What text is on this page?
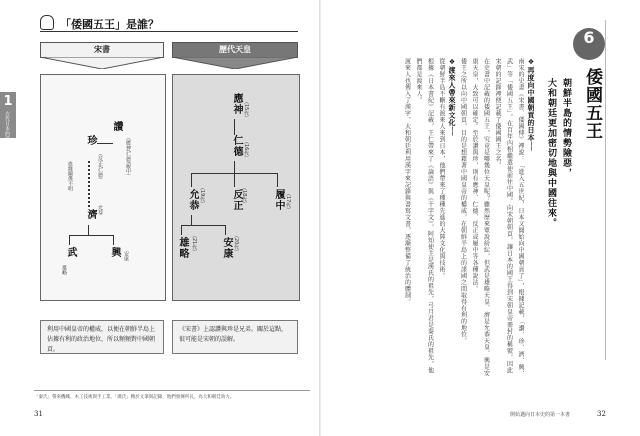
1
古代日本的誕生
「倭國五王」是誰？
宋書	歷代天皇
讚
（應神/仁德/履中）
珍
（反正/仁德）
血緣關係不明
濟 允恭
武
雄略
興 安康
應神 （15代）
仁德 （16代）
（19代）
允恭	（18代）
反正	履中 （17代）
（21代）
雄略	（20代）
安康
利用中國皇帝的權威，以便在朝鮮半島上佔據有利的政治地位，所以頻頻對中國朝貢。
《宋書》上認讚與珍是兄弟。關於這點，很可能是宋朝的誤解。
「秦氏」帶來機織、木工技術與手工業、「漢氏」精於文筆與記錄，他們發揮所長，為大和朝廷效力。
31
6
倭國五王
朝鮮半島的情勢險惡，
大和朝廷更加密切地與中國往來。
❖再度向中國朝貢的日本──
南宋的史書《宋書．倭國傳》裡說：「進入五世紀，日本又開始向中國朝貢了」，根據記載，「讚、珍、濟、興、武」等「倭國五王」，在百年內相繼遣使前往中國。向宋朝朝貢，讓日本的國王得到宋朝皇帝冊封的稱號，因此宋朝的記錄裡便記載了倭國國王之名。
在史書中記載的倭國五王，究竟是哪幾位天皇呢？雖然歷來眾說紛紜，但武是雄略天皇、濟是允恭天皇、興是安康天皇，大致可以確定。至於讚與珍，則有應神、仁德、反正或履中等各種說法。
倭王之所以向中國朝貢，目的是想藉著中國皇帝的權威，在朝鮮半島上的諸國之間取得有利的地位。
❖渡來人帶來新文化──
從朝鮮半島不斷有渡來人來到日本，他們帶來了種種先進的大陸文化與技術。
根據《日本書紀》記載，王仁帶來了《論語》與《千字文》，阿知使主是漢氏的祖先，弓月君是秦氏的祖先，他們都是渡來人。
渡來人也傳入了漢字，大和朝廷利用漢字來記錄與書寫文書，逐漸整備了統治的體制。
開始邁向日本史的第一本書	32
